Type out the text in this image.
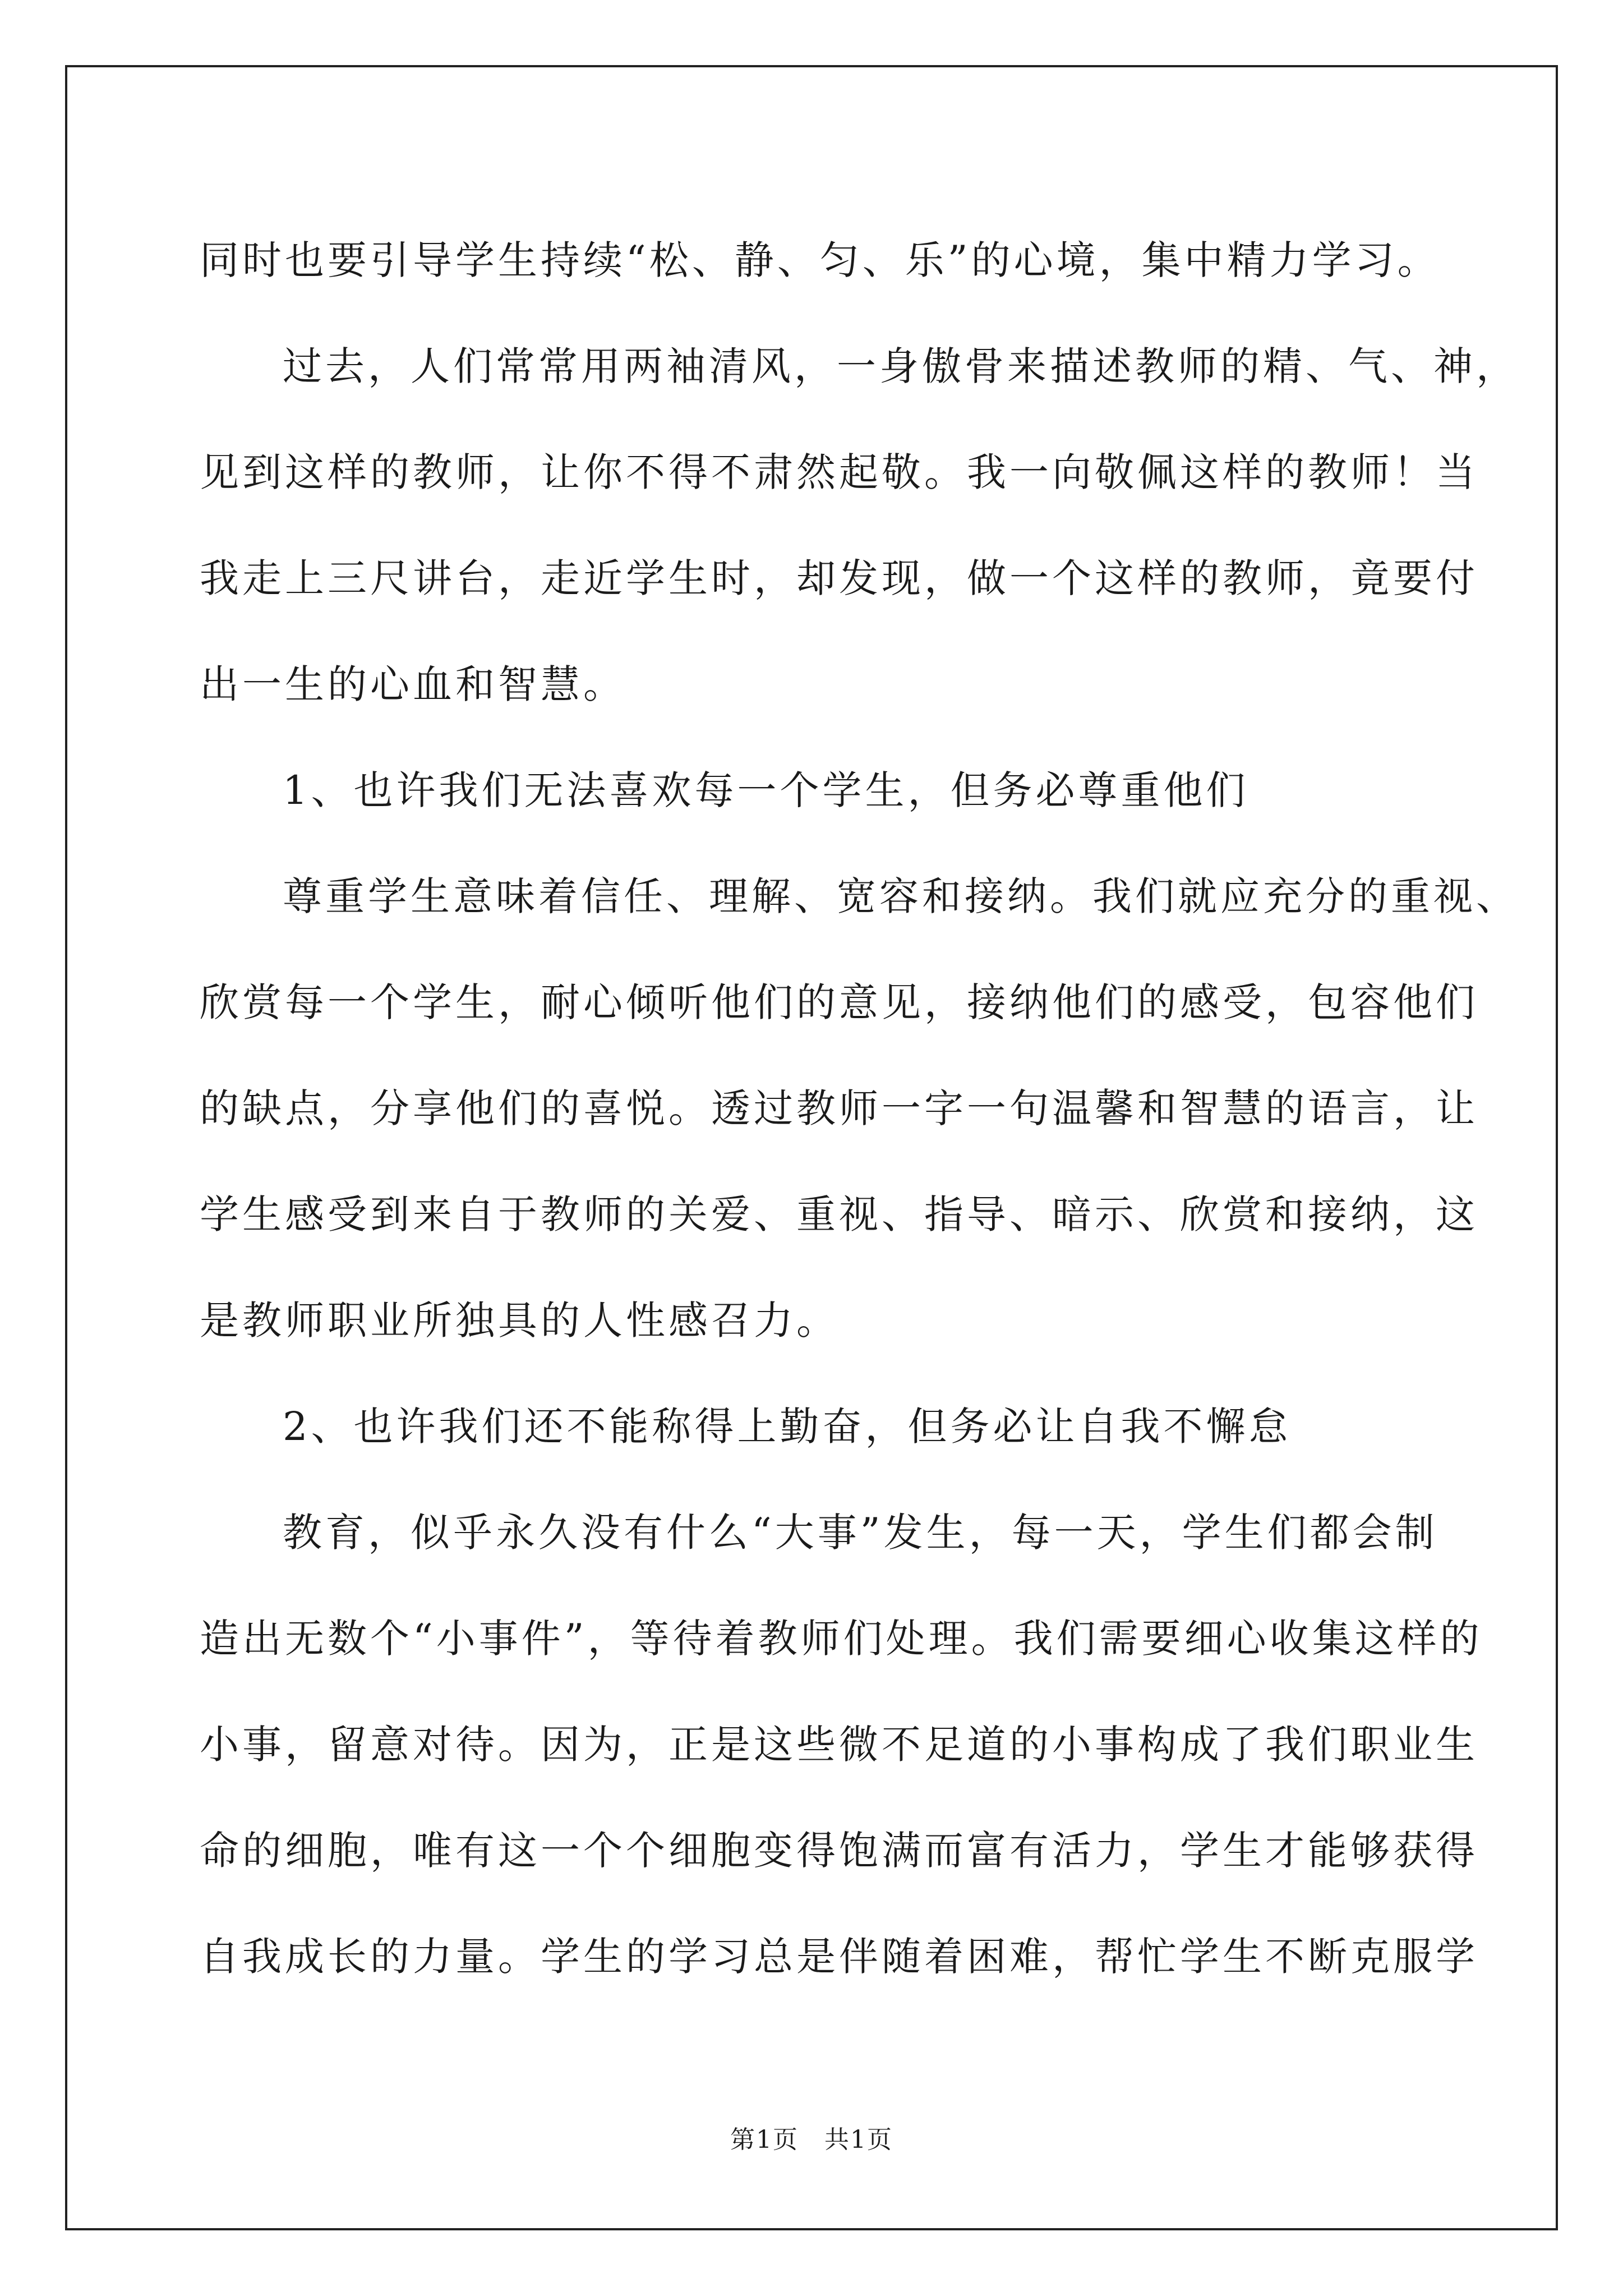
同时也要引导学生持续“松、静、匀、乐”的心境，集中精力学习。
过去，人们常常用两袖清风，一身傲骨来描述教师的精、气、神，
见到这样的教师，让你不得不肃然起敬。我一向敬佩这样的教师！当
我走上三尺讲台，走近学生时，却发现，做一个这样的教师，竟要付
出一生的心血和智慧。
1、也许我们无法喜欢每一个学生，但务必尊重他们
尊重学生意味着信任、理解、宽容和接纳。我们就应充分的重视、
欣赏每一个学生，耐心倾听他们的意见，接纳他们的感受，包容他们
的缺点，分享他们的喜悦。透过教师一字一句温馨和智慧的语言，让
学生感受到来自于教师的关爱、重视、指导、暗示、欣赏和接纳，这
是教师职业所独具的人性感召力。
2、也许我们还不能称得上勤奋，但务必让自我不懈怠
教育，似乎永久没有什么“大事”发生，每一天，学生们都会制
造出无数个“小事件”，等待着教师们处理。我们需要细心收集这样的
小事，留意对待。因为，正是这些微不足道的小事构成了我们职业生
命的细胞，唯有这一个个细胞变得饱满而富有活力，学生才能够获得
自我成长的力量。学生的学习总是伴随着困难，帮忙学生不断克服学
第1页　共1页
